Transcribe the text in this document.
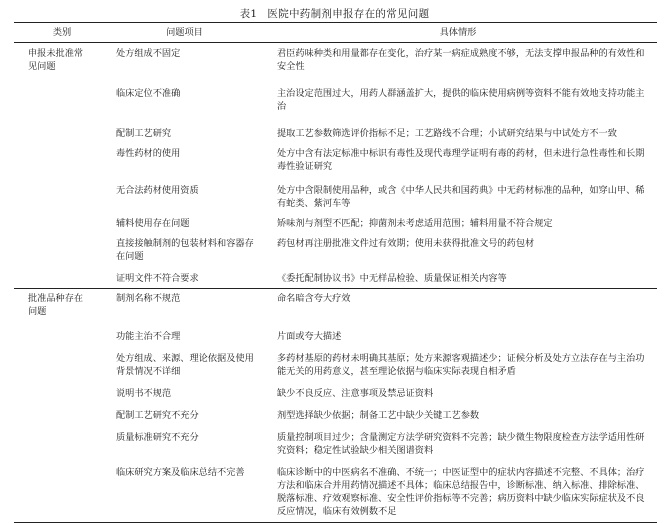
表1 医院中药制剂申报存在的常见问题
类别	问题项目	具体情形

申报未批准常见问题	处方组成不固定	君臣药味种类和用量都存在变化，治疗某一病症成熟度不够，无法支撑申报品种的有效性和安全性

	临床定位不准确	主治设定范围过大，用药人群涵盖扩大，提供的临床使用病例等资料不能有效地支持功能主治

	配制工艺研究	提取工艺参数筛选评价指标不足；工艺路线不合理；小试研究结果与中试处方不一致

	毒性药材的使用	处方中含有法定标准中标识有毒性及现代毒理学证明有毒的药材，但未进行急性毒性和长期毒性验证研究

	无合法药材使用资质	处方中含限制使用品种，或含《中华人民共和国药典》中无药材标准的品种，如穿山甲、稀有蛇类、紫河车等

	辅料使用存在问题	矫味剂与剂型不匹配；抑菌剂未考虑适用范围；辅料用量不符合规定

	直接接触制剂的包装材料和容器存在问题	药包材再注册批准文件过有效期；使用未获得批准文号的药包材

	证明文件不符合要求	《委托配制协议书》中无样品检验、质量保证相关内容等

批准品种存在问题	制剂名称不规范	命名暗含夸大疗效

	功能主治不合理	片面或夸大描述

	处方组成、来源、理论依据及使用背景情况不详细	多药材基原的药材未明确其基原；处方来源客观描述少；证候分析及处方立法存在与主治功能无关的用药意义，甚至理论依据与临床实际表现自相矛盾

	说明书不规范	缺少不良反应、注意事项及禁忌证资料

	配制工艺研究不充分	剂型选择缺少依据；制备工艺中缺少关键工艺参数

	质量标准研究不充分	质量控制项目过少；含量测定方法学研究资料不完善；缺少微生物限度检查方法学适用性研究资料；稳定性试验缺少相关图谱资料

	临床研究方案及临床总结不完善	临床诊断中的中医病名不准确、不统一；中医证型中的症状内容描述不完整、不具体；治疗方法和临床合并用药情况描述不具体；临床总结报告中，诊断标准、纳入标准、排除标准、脱落标准、疗效观察标准、安全性评价指标等不完善；病历资料中缺少临床实际症状及不良反应情况，临床有效例数不足
